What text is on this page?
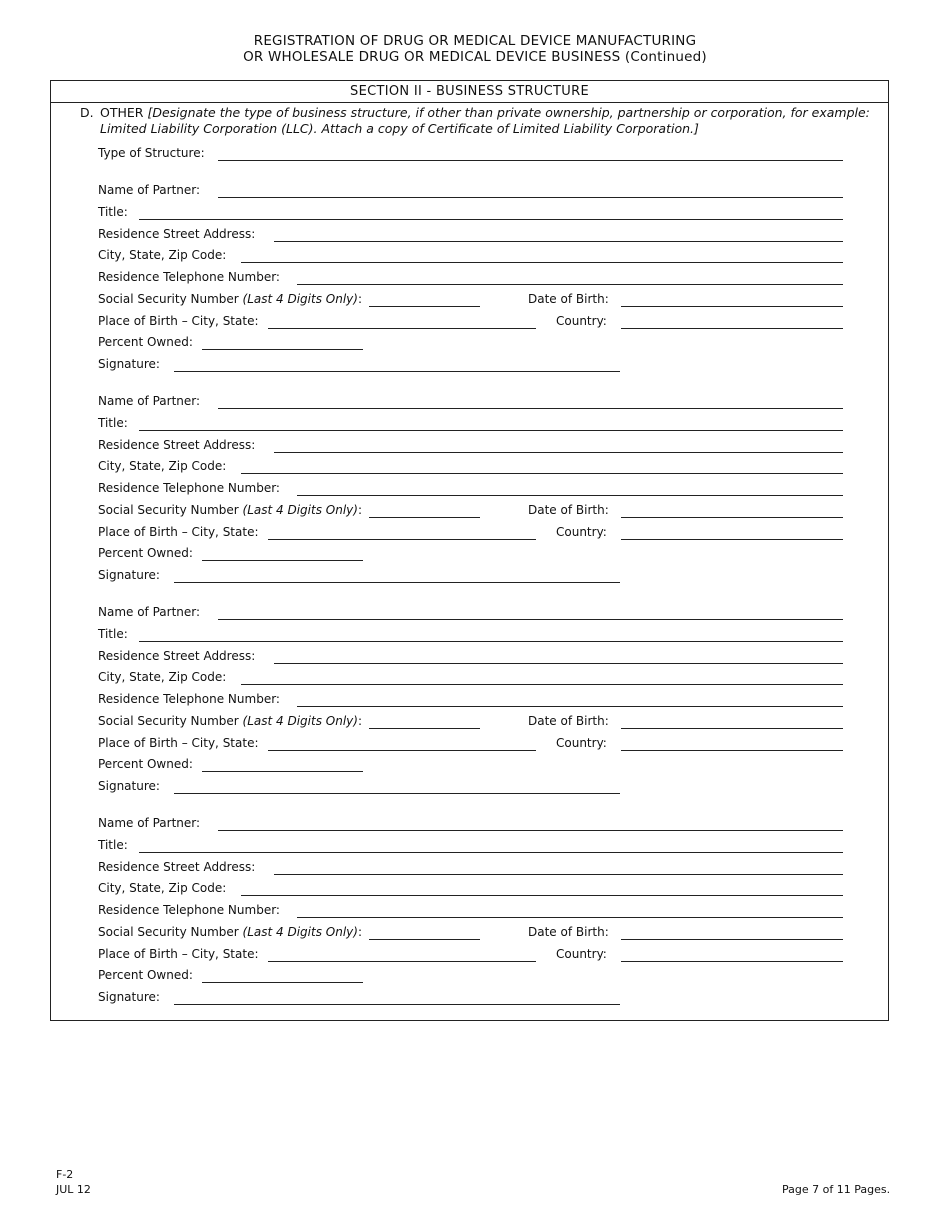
REGISTRATION OF DRUG OR MEDICAL DEVICE MANUFACTURING
OR WHOLESALE DRUG OR MEDICAL DEVICE BUSINESS (Continued)
SECTION II - BUSINESS STRUCTURE
D. OTHER [Designate the type of business structure, if other than private ownership, partnership or corporation, for example: Limited Liability Corporation (LLC). Attach a copy of Certificate of Limited Liability Corporation.]
Type of Structure:
Name of Partner:
Title:
Residence Street Address:
City, State, Zip Code:
Residence Telephone Number:
Social Security Number (Last 4 Digits Only):	Date of Birth:
Place of Birth – City, State:	Country:
Percent Owned:
Signature:
Name of Partner:
Title:
Residence Street Address:
City, State, Zip Code:
Residence Telephone Number:
Social Security Number (Last 4 Digits Only):	Date of Birth:
Place of Birth – City, State:	Country:
Percent Owned:
Signature:
Name of Partner:
Title:
Residence Street Address:
City, State, Zip Code:
Residence Telephone Number:
Social Security Number (Last 4 Digits Only):	Date of Birth:
Place of Birth – City, State:	Country:
Percent Owned:
Signature:
Name of Partner:
Title:
Residence Street Address:
City, State, Zip Code:
Residence Telephone Number:
Social Security Number (Last 4 Digits Only):	Date of Birth:
Place of Birth – City, State:	Country:
Percent Owned:
Signature:
F-2
JUL 12	Page 7 of 11 Pages.
